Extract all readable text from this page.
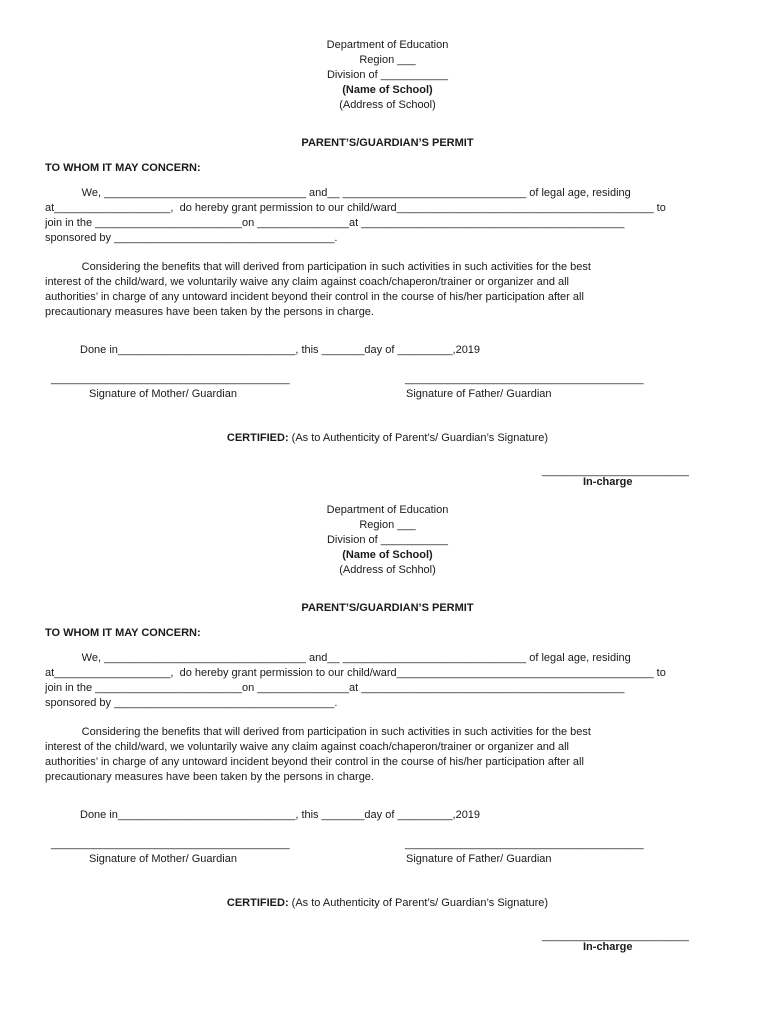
Department of Education
Region ___
Division of ___________
(Name of School)
(Address of School)
PARENT’S/GUARDIAN’S PERMIT
TO WHOM IT MAY CONCERN:
We, _________________________________ and__ ______________________________ of legal age, residing
at___________________,  do hereby grant permission to our child/ward__________________________________________ to
join in the ________________________on _______________at ___________________________________________
sponsored by ____________________________________.
Considering the benefits that will derived from participation in such activities in such activities for the best
interest of the child/ward, we voluntarily waive any claim against coach/chaperon/trainer or organizer and all
authorities’ in charge of any untoward incident beyond their control in the course of his/her participation after all
precautionary measures have been taken by the persons in charge.
Done in_____________________________, this _______day of _________,2019
_______________________________________	_______________________________________
Signature of Mother/ Guardian	Signature of Father/ Guardian
CERTIFIED: (As to Authenticity of Parent’s/ Guardian’s Signature)
________________________
In-charge
Department of Education
Region ___
Division of ___________
(Name of School)
(Address of Schhol)
PARENT’S/GUARDIAN’S PERMIT
TO WHOM IT MAY CONCERN:
We, _________________________________ and__ ______________________________ of legal age, residing
at___________________,  do hereby grant permission to our child/ward__________________________________________ to
join in the ________________________on _______________at ___________________________________________
sponsored by ____________________________________.
Considering the benefits that will derived from participation in such activities in such activities for the best
interest of the child/ward, we voluntarily waive any claim against coach/chaperon/trainer or organizer and all
authorities’ in charge of any untoward incident beyond their control in the course of his/her participation after all
precautionary measures have been taken by the persons in charge.
Done in_____________________________, this _______day of _________,2019
_______________________________________	_______________________________________
Signature of Mother/ Guardian	Signature of Father/ Guardian
CERTIFIED: (As to Authenticity of Parent’s/ Guardian’s Signature)
________________________
In-charge
